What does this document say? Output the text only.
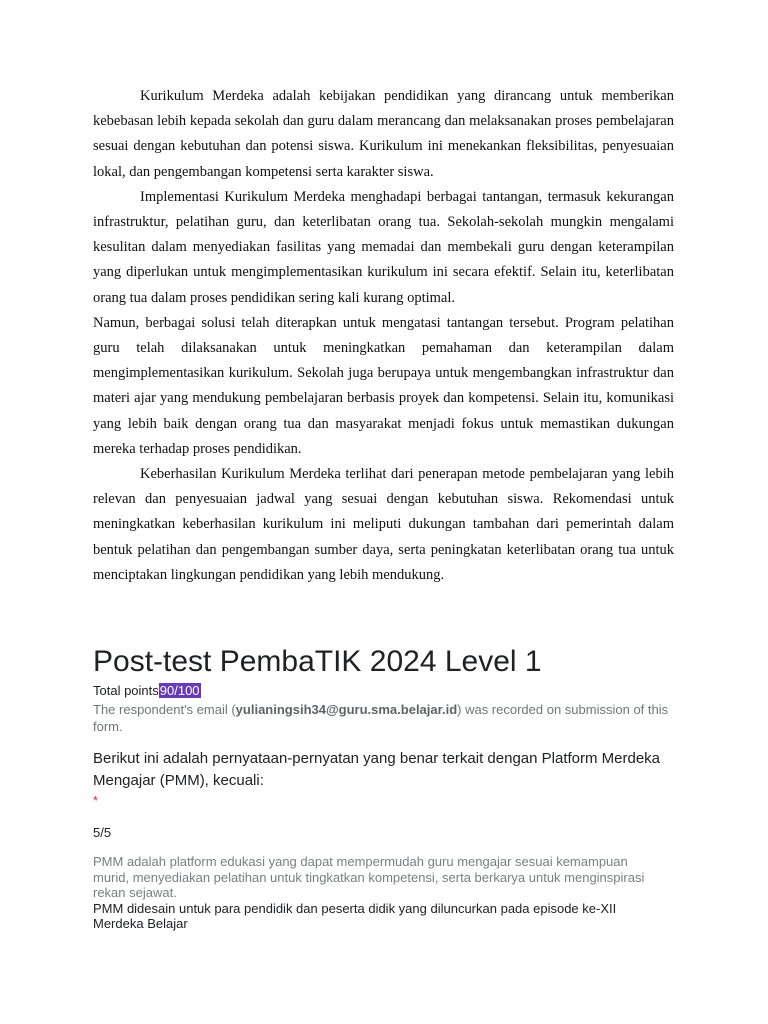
Kurikulum Merdeka adalah kebijakan pendidikan yang dirancang untuk memberikan kebebasan lebih kepada sekolah dan guru dalam merancang dan melaksanakan proses pembelajaran sesuai dengan kebutuhan dan potensi siswa. Kurikulum ini menekankan fleksibilitas, penyesuaian lokal, dan pengembangan kompetensi serta karakter siswa.

Implementasi Kurikulum Merdeka menghadapi berbagai tantangan, termasuk kekurangan infrastruktur, pelatihan guru, dan keterlibatan orang tua. Sekolah-sekolah mungkin mengalami kesulitan dalam menyediakan fasilitas yang memadai dan membekali guru dengan keterampilan yang diperlukan untuk mengimplementasikan kurikulum ini secara efektif. Selain itu, keterlibatan orang tua dalam proses pendidikan sering kali kurang optimal.

Namun, berbagai solusi telah diterapkan untuk mengatasi tantangan tersebut. Program pelatihan guru telah dilaksanakan untuk meningkatkan pemahaman dan keterampilan dalam mengimplementasikan kurikulum. Sekolah juga berupaya untuk mengembangkan infrastruktur dan materi ajar yang mendukung pembelajaran berbasis proyek dan kompetensi. Selain itu, komunikasi yang lebih baik dengan orang tua dan masyarakat menjadi fokus untuk memastikan dukungan mereka terhadap proses pendidikan.

Keberhasilan Kurikulum Merdeka terlihat dari penerapan metode pembelajaran yang lebih relevan dan penyesuaian jadwal yang sesuai dengan kebutuhan siswa. Rekomendasi untuk meningkatkan keberhasilan kurikulum ini meliputi dukungan tambahan dari pemerintah dalam bentuk pelatihan dan pengembangan sumber daya, serta peningkatan keterlibatan orang tua untuk menciptakan lingkungan pendidikan yang lebih mendukung.

Post-test PembaTIK 2024 Level 1
Total points90/100
The respondent's email (yulianingsih34@guru.sma.belajar.id) was recorded on submission of this form.
Berikut ini adalah pernyataan-pernyatan yang benar terkait dengan Platform Merdeka Mengajar (PMM), kecuali:
*
5/5
PMM adalah platform edukasi yang dapat mempermudah guru mengajar sesuai kemampuan murid, menyediakan pelatihan untuk tingkatkan kompetensi, serta berkarya untuk menginspirasi rekan sejawat.
PMM didesain untuk para pendidik dan peserta didik yang diluncurkan pada episode ke-XII Merdeka Belajar
